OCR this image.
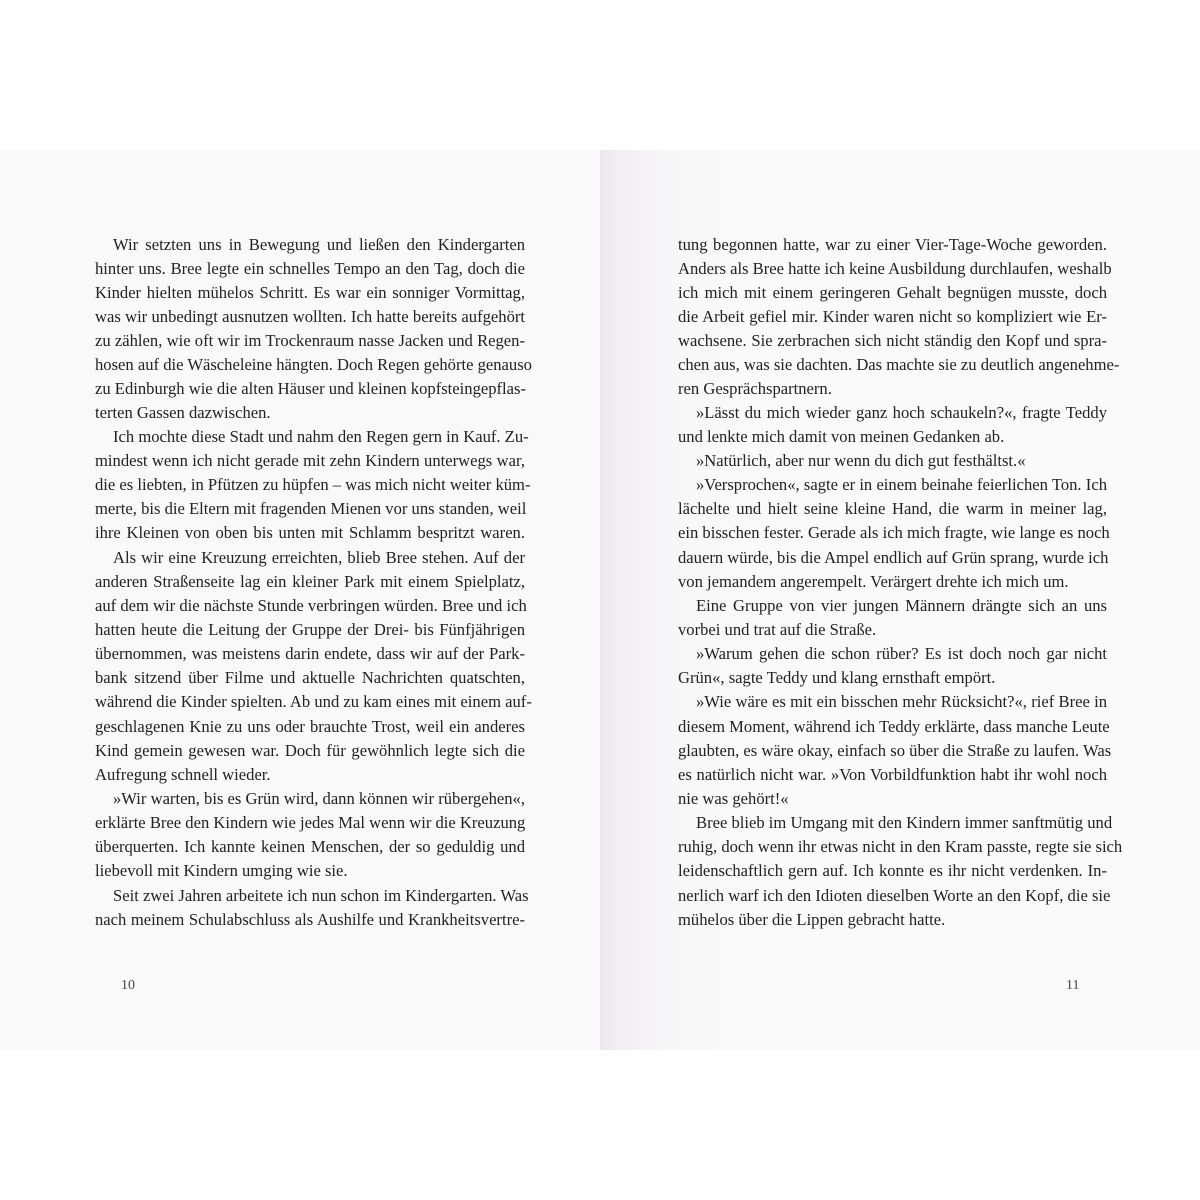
Wir setzten uns in Bewegung und ließen den Kindergarten
hinter uns. Bree legte ein schnelles Tempo an den Tag, doch die
Kinder hielten mühelos Schritt. Es war ein sonniger Vormittag,
was wir unbedingt ausnutzen wollten. Ich hatte bereits aufgehört
zu zählen, wie oft wir im Trockenraum nasse Jacken und Regen-
hosen auf die Wäscheleine hängten. Doch Regen gehörte genauso
zu Edinburgh wie die alten Häuser und kleinen kopfsteingepflas-
terten Gassen dazwischen.
Ich mochte diese Stadt und nahm den Regen gern in Kauf. Zu-
mindest wenn ich nicht gerade mit zehn Kindern unterwegs war,
die es liebten, in Pfützen zu hüpfen – was mich nicht weiter küm-
merte, bis die Eltern mit fragenden Mienen vor uns standen, weil
ihre Kleinen von oben bis unten mit Schlamm bespritzt waren.
Als wir eine Kreuzung erreichten, blieb Bree stehen. Auf der
anderen Straßenseite lag ein kleiner Park mit einem Spielplatz,
auf dem wir die nächste Stunde verbringen würden. Bree und ich
hatten heute die Leitung der Gruppe der Drei- bis Fünfjährigen
übernommen, was meistens darin endete, dass wir auf der Park-
bank sitzend über Filme und aktuelle Nachrichten quatschten,
während die Kinder spielten. Ab und zu kam eines mit einem auf-
geschlagenen Knie zu uns oder brauchte Trost, weil ein anderes
Kind gemein gewesen war. Doch für gewöhnlich legte sich die
Aufregung schnell wieder.
»Wir warten, bis es Grün wird, dann können wir rübergehen«,
erklärte Bree den Kindern wie jedes Mal wenn wir die Kreuzung
überquerten. Ich kannte keinen Menschen, der so geduldig und
liebevoll mit Kindern umging wie sie.
Seit zwei Jahren arbeitete ich nun schon im Kindergarten. Was
nach meinem Schulabschluss als Aushilfe und Krankheitsvertre-
10
tung begonnen hatte, war zu einer Vier-Tage-Woche geworden.
Anders als Bree hatte ich keine Ausbildung durchlaufen, weshalb
ich mich mit einem geringeren Gehalt begnügen musste, doch
die Arbeit gefiel mir. Kinder waren nicht so kompliziert wie Er-
wachsene. Sie zerbrachen sich nicht ständig den Kopf und spra-
chen aus, was sie dachten. Das machte sie zu deutlich angenehme-
ren Gesprächspartnern.
»Lässt du mich wieder ganz hoch schaukeln?«, fragte Teddy
und lenkte mich damit von meinen Gedanken ab.
»Natürlich, aber nur wenn du dich gut festhältst.«
»Versprochen«, sagte er in einem beinahe feierlichen Ton. Ich
lächelte und hielt seine kleine Hand, die warm in meiner lag,
ein bisschen fester. Gerade als ich mich fragte, wie lange es noch
dauern würde, bis die Ampel endlich auf Grün sprang, wurde ich
von jemandem angerempelt. Verärgert drehte ich mich um.
Eine Gruppe von vier jungen Männern drängte sich an uns
vorbei und trat auf die Straße.
»Warum gehen die schon rüber? Es ist doch noch gar nicht
Grün«, sagte Teddy und klang ernsthaft empört.
»Wie wäre es mit ein bisschen mehr Rücksicht?«, rief Bree in
diesem Moment, während ich Teddy erklärte, dass manche Leute
glaubten, es wäre okay, einfach so über die Straße zu laufen. Was
es natürlich nicht war. »Von Vorbildfunktion habt ihr wohl noch
nie was gehört!«
Bree blieb im Umgang mit den Kindern immer sanftmütig und
ruhig, doch wenn ihr etwas nicht in den Kram passte, regte sie sich
leidenschaftlich gern auf. Ich konnte es ihr nicht verdenken. In-
nerlich warf ich den Idioten dieselben Worte an den Kopf, die sie
mühelos über die Lippen gebracht hatte.
11
